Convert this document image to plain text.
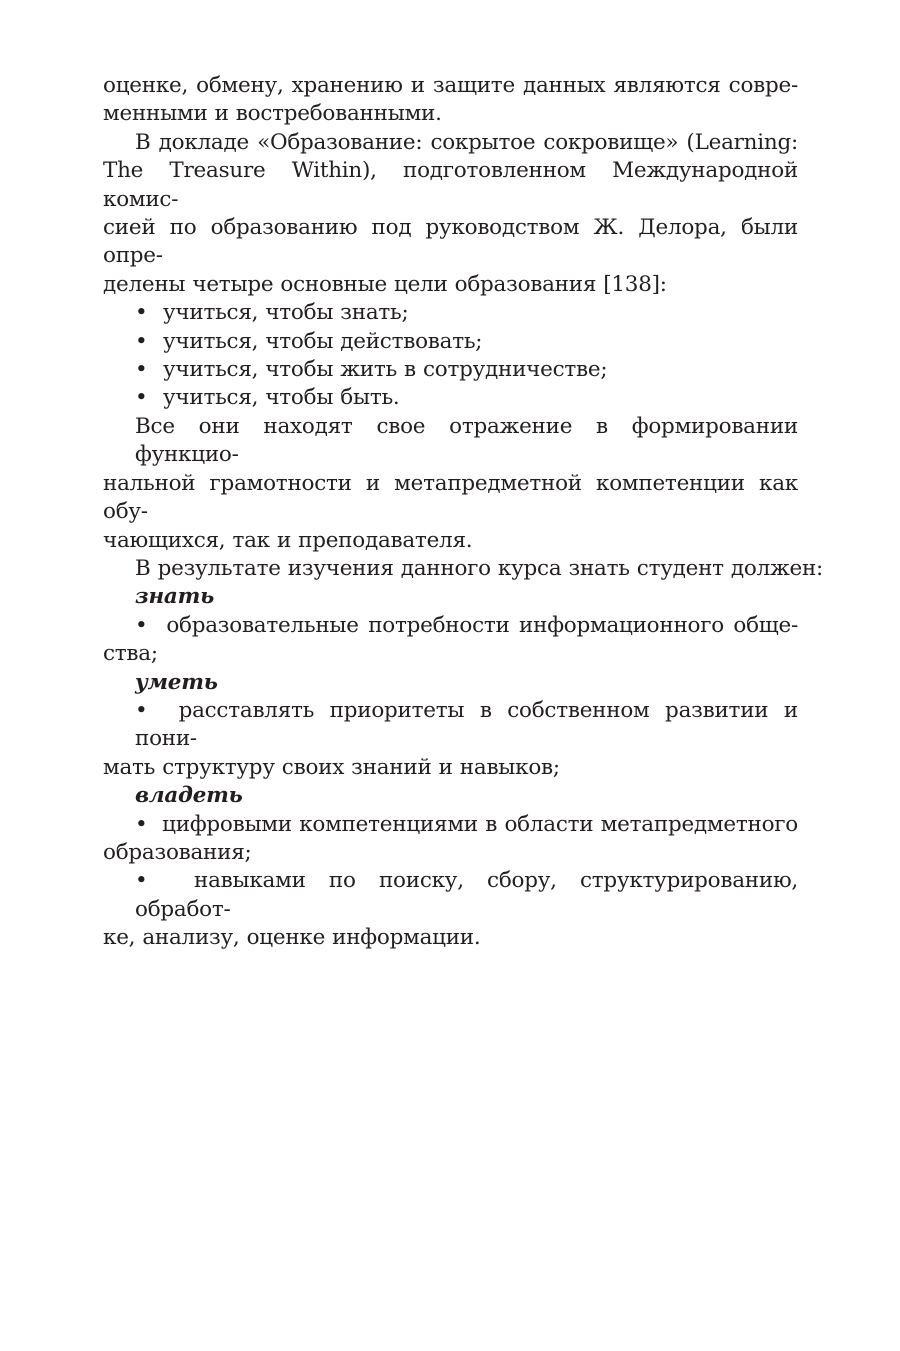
оценке, обмену, хранению и защите данных являются совре-
менными и востребованными.
В докладе «Образование: сокрытое сокровище» (Learning:
The Treasure Within), подготовленном Международной комис-
сией по образованию под руководством Ж. Делора, были опре-
делены четыре основные цели образования [138]:
• учиться, чтобы знать;
• учиться, чтобы действовать;
• учиться, чтобы жить в сотрудничестве;
• учиться, чтобы быть.
Все они находят свое отражение в формировании функцио-
нальной грамотности и метапредметной компетенции как обу-
чающихся, так и преподавателя.
В результате изучения данного курса знать студент должен:
знать
• образовательные потребности информационного обще-
ства;
уметь
• расставлять приоритеты в собственном развитии и пони-
мать структуру своих знаний и навыков;
владеть
• цифровыми компетенциями в области метапредметного
образования;
• навыками по поиску, сбору, структурированию, обработ-
ке, анализу, оценке информации.
